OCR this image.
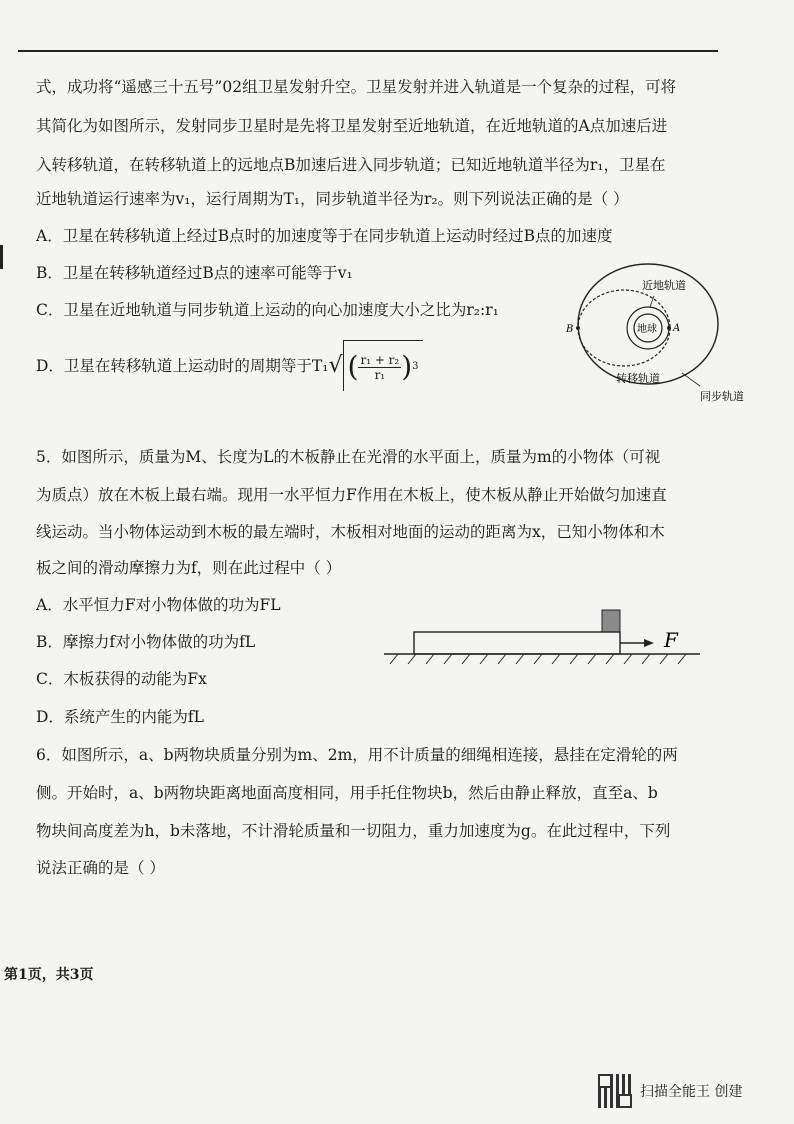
式，成功将“遥感三十五号”02组卫星发射升空。卫星发射并进入轨道是一个复杂的过程，可将
其简化为如图所示，发射同步卫星时是先将卫星发射至近地轨道，在近地轨道的A点加速后进
入转移轨道，在转移轨道上的远地点B加速后进入同步轨道；已知近地轨道半径为r₁，卫星在
近地轨道运行速率为v₁，运行周期为T₁，同步轨道半径为r₂。则下列说法正确的是（ ）
A．卫星在转移轨道上经过B点时的加速度等于在同步轨道上运动时经过B点的加速度
B．卫星在转移轨道经过B点的速率可能等于v₁
C．卫星在近地轨道与同步轨道上运动的向心加速度大小之比为r₂:r₁
D．卫星在转移轨道上运动时的周期等于T₁ √ ( $\frac{\text{r₁ + r₂}}{\text{r₁}}$ ) 3
近地轨道
地球 A
B
转移轨道
同步轨道
5．如图所示，质量为M、长度为L的木板静止在光滑的水平面上，质量为m的小物体（可视
为质点）放在木板上最右端。现用一水平恒力F作用在木板上，使木板从静止开始做匀加速直
线运动。当小物体运动到木板的最左端时，木板相对地面的运动的距离为x，已知小物体和木
板之间的滑动摩擦力为f，则在此过程中（ ）
A．水平恒力F对小物体做的功为FL
B．摩擦力f对小物体做的功为fL
C．木板获得的动能为Fx
D．系统产生的内能为fL
F
6．如图所示，a、b两物块质量分别为m、2m，用不计质量的细绳相连接，悬挂在定滑轮的两
侧。开始时，a、b两物块距离地面高度相同，用手托住物块b，然后由静止释放，直至a、b
物块间高度差为h，b未落地，不计滑轮质量和一切阻力，重力加速度为g。在此过程中，下列
说法正确的是（ ）
第1页，共3页
扫描全能王 创建
